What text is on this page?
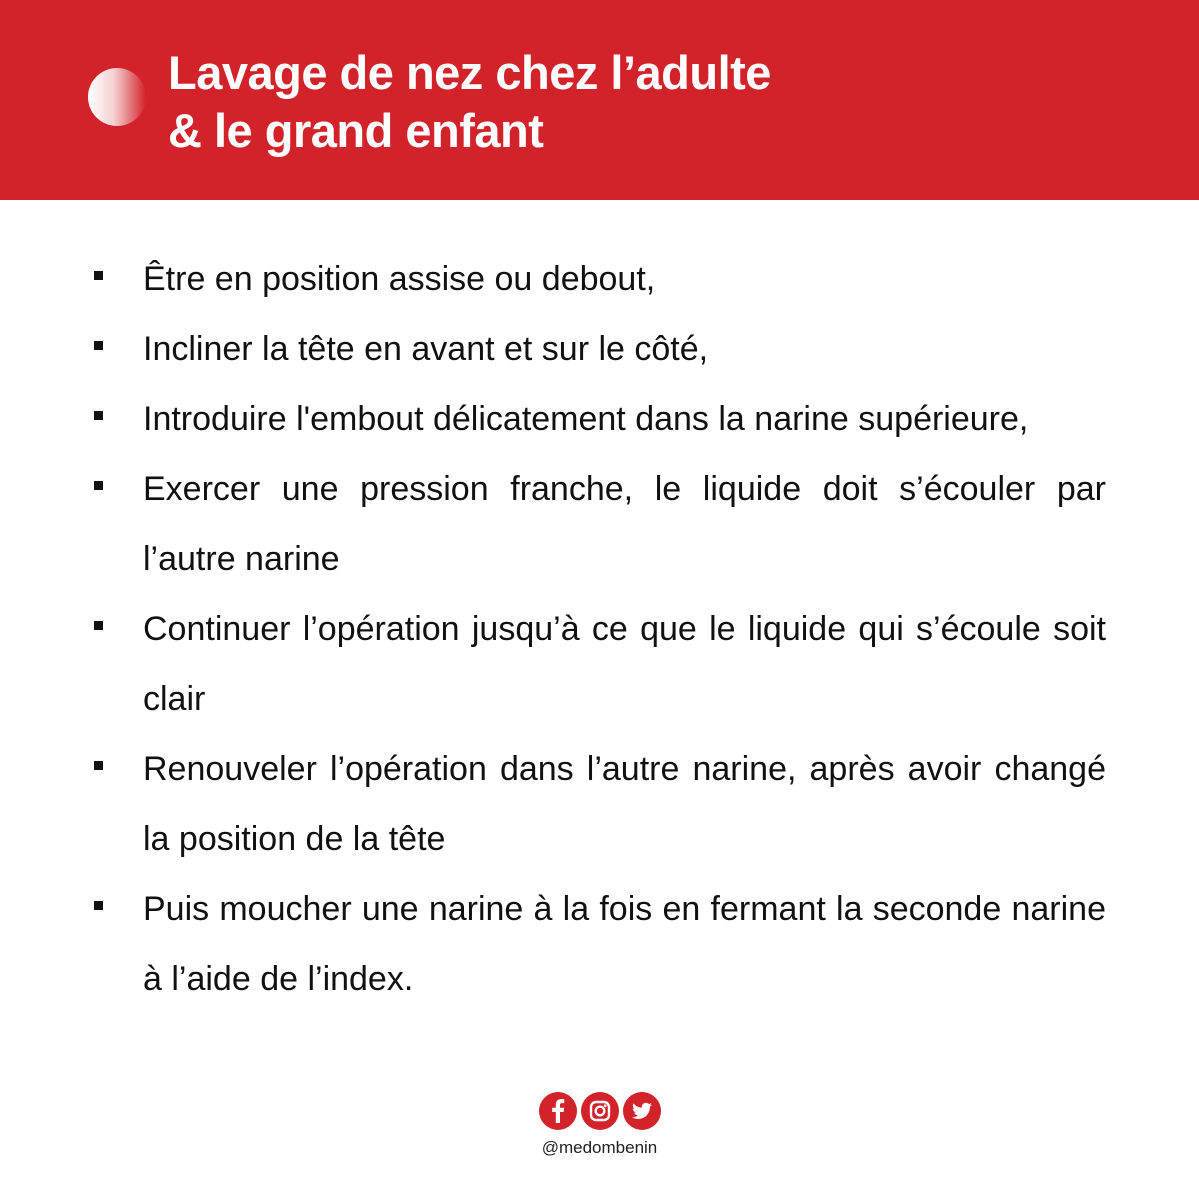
Lavage de nez chez l’adulte
& le grand enfant

Être en position assise ou debout,

Incliner la tête en avant et sur le côté,

Introduire l'embout délicatement dans la narine supérieure,

Exercer une pression franche, le liquide doit s’écouler par l’autre narine

Continuer l’opération jusqu’à ce que le liquide qui s’écoule soit clair

Renouveler l’opération dans l’autre narine, après avoir changé la position de la tête

Puis moucher une narine à la fois en fermant la seconde narine à l’aide de l’index.

@medombenin
